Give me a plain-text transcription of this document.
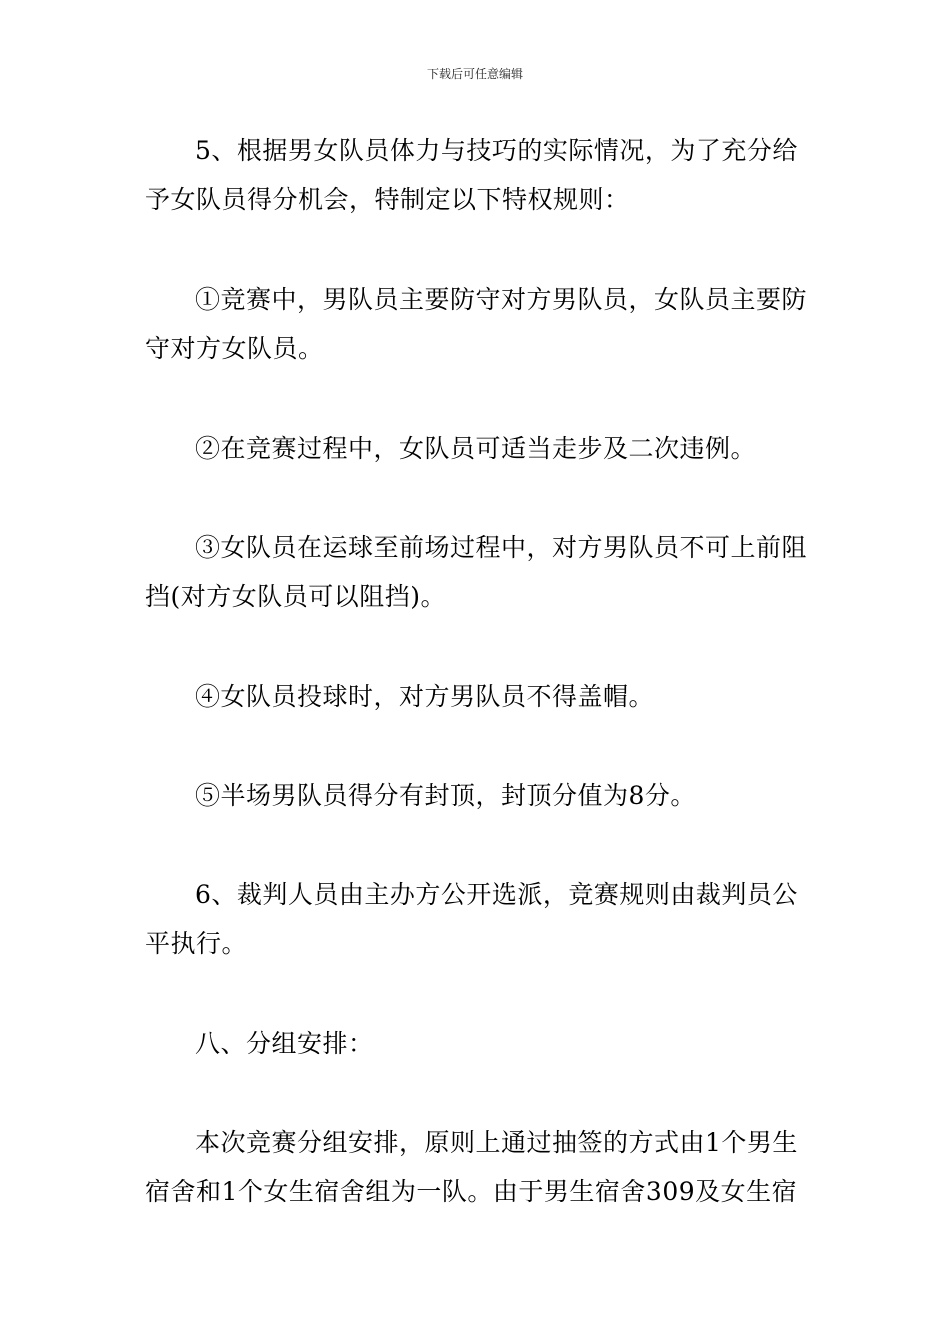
下载后可任意编辑

5、根据男女队员体力与技巧的实际情况，为了充分给予女队员得分机会，特制定以下特权规则：

①竞赛中，男队员主要防守对方男队员，女队员主要防守对方女队员。

②在竞赛过程中，女队员可适当走步及二次违例。

③女队员在运球至前场过程中，对方男队员不可上前阻挡(对方女队员可以阻挡)。

④女队员投球时，对方男队员不得盖帽。

⑤半场男队员得分有封顶，封顶分值为8分。

6、裁判人员由主办方公开选派，竞赛规则由裁判员公平执行。

八、分组安排：

本次竞赛分组安排，原则上通过抽签的方式由1个男生宿舍和1个女生宿舍组为一队。由于男生宿舍309及女生宿
